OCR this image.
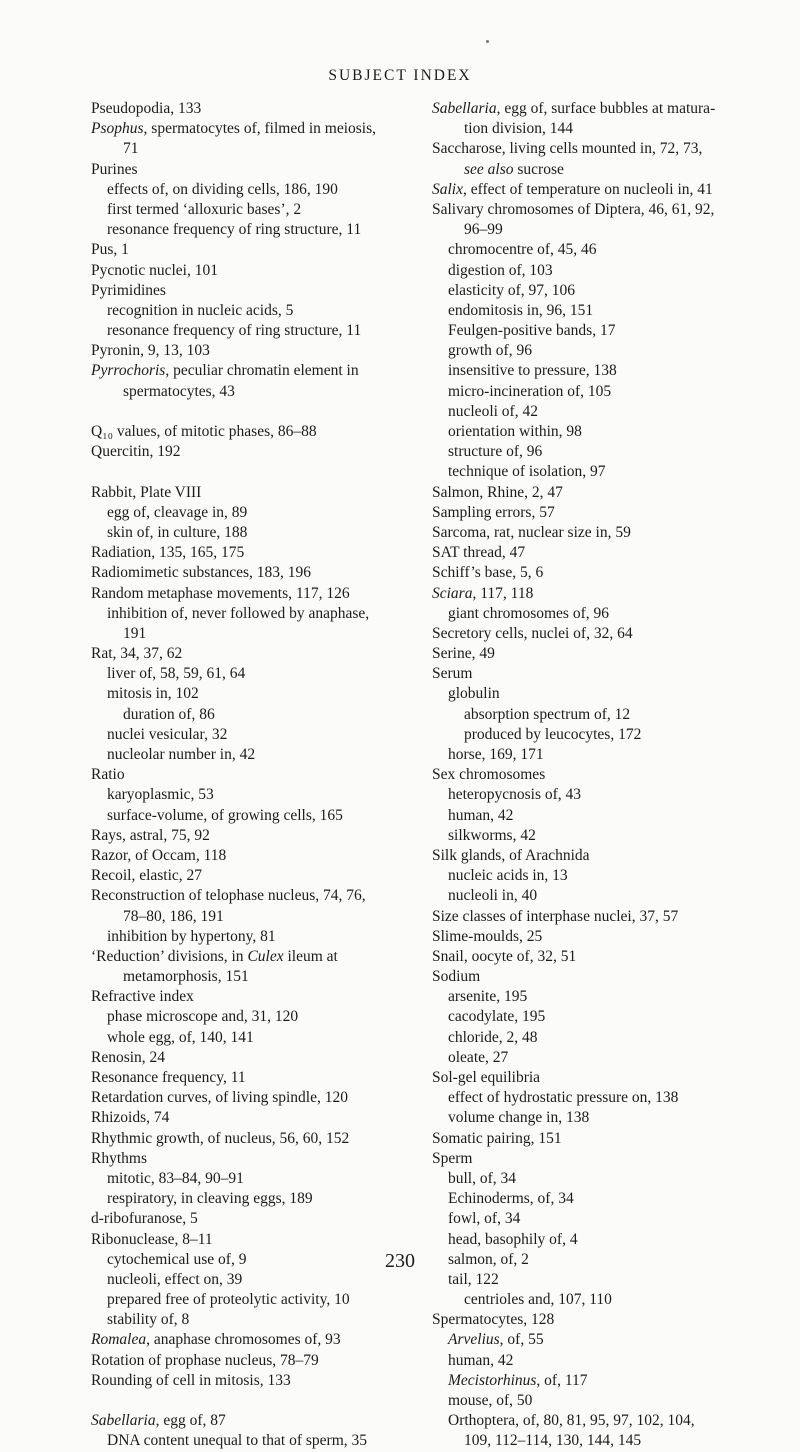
SUBJECT INDEX
Pseudopodia, 133
Psophus, spermatocytes of, filmed in meiosis,
71
Purines
effects of, on dividing cells, 186, 190
first termed ‘alloxuric bases’, 2
resonance frequency of ring structure, 11
Pus, 1
Pycnotic nuclei, 101
Pyrimidines
recognition in nucleic acids, 5
resonance frequency of ring structure, 11
Pyronin, 9, 13, 103
Pyrrochoris, peculiar chromatin element in
spermatocytes, 43
Q₁₀ values, of mitotic phases, 86–88
Quercitin, 192
Rabbit, Plate VIII
egg of, cleavage in, 89
skin of, in culture, 188
Radiation, 135, 165, 175
Radiomimetic substances, 183, 196
Random metaphase movements, 117, 126
inhibition of, never followed by anaphase,
191
Rat, 34, 37, 62
liver of, 58, 59, 61, 64
mitosis in, 102
duration of, 86
nuclei vesicular, 32
nucleolar number in, 42
Ratio
karyoplasmic, 53
surface-volume, of growing cells, 165
Rays, astral, 75, 92
Razor, of Occam, 118
Recoil, elastic, 27
Reconstruction of telophase nucleus, 74, 76,
78–80, 186, 191
inhibition by hypertony, 81
‘Reduction’ divisions, in Culex ileum at
metamorphosis, 151
Refractive index
phase microscope and, 31, 120
whole egg, of, 140, 141
Renosin, 24
Resonance frequency, 11
Retardation curves, of living spindle, 120
Rhizoids, 74
Rhythmic growth, of nucleus, 56, 60, 152
Rhythms
mitotic, 83–84, 90–91
respiratory, in cleaving eggs, 189
d-ribofuranose, 5
Ribonuclease, 8–11
cytochemical use of, 9
nucleoli, effect on, 39
prepared free of proteolytic activity, 10
stability of, 8
Romalea, anaphase chromosomes of, 93
Rotation of prophase nucleus, 78–79
Rounding of cell in mitosis, 133
Sabellaria, egg of, 87
DNA content unequal to that of sperm, 35
Sabellaria, egg of, surface bubbles at matura-
tion division, 144
Saccharose, living cells mounted in, 72, 73,
see also sucrose
Salix, effect of temperature on nucleoli in, 41
Salivary chromosomes of Diptera, 46, 61, 92,
96–99
chromocentre of, 45, 46
digestion of, 103
elasticity of, 97, 106
endomitosis in, 96, 151
Feulgen-positive bands, 17
growth of, 96
insensitive to pressure, 138
micro-incineration of, 105
nucleoli of, 42
orientation within, 98
structure of, 96
technique of isolation, 97
Salmon, Rhine, 2, 47
Sampling errors, 57
Sarcoma, rat, nuclear size in, 59
SAT thread, 47
Schiff’s base, 5, 6
Sciara, 117, 118
giant chromosomes of, 96
Secretory cells, nuclei of, 32, 64
Serine, 49
Serum
globulin
absorption spectrum of, 12
produced by leucocytes, 172
horse, 169, 171
Sex chromosomes
heteropycnosis of, 43
human, 42
silkworms, 42
Silk glands, of Arachnida
nucleic acids in, 13
nucleoli in, 40
Size classes of interphase nuclei, 37, 57
Slime-moulds, 25
Snail, oocyte of, 32, 51
Sodium
arsenite, 195
cacodylate, 195
chloride, 2, 48
oleate, 27
Sol-gel equilibria
effect of hydrostatic pressure on, 138
volume change in, 138
Somatic pairing, 151
Sperm
bull, of, 34
Echinoderms, of, 34
fowl, of, 34
head, basophily of, 4
salmon, of, 2
tail, 122
centrioles and, 107, 110
Spermatocytes, 128
Arvelius, of, 55
human, 42
Mecistorhinus, of, 117
mouse, of, 50
Orthoptera, of, 80, 81, 95, 97, 102, 104,
109, 112–114, 130, 144, 145
230
